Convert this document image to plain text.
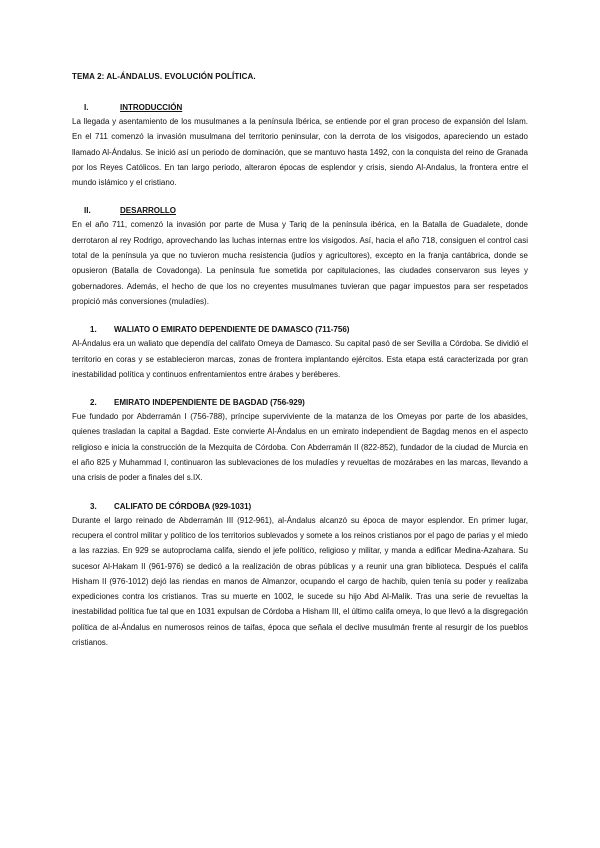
TEMA 2: AL-ÁNDALUS. EVOLUCIÓN POLÍTICA.
I.	INTRODUCCIÓN
La llegada y asentamiento de los musulmanes a la península Ibérica, se entiende por el gran proceso de expansión del Islam. En el 711 comenzó la invasión musulmana del territorio peninsular, con la derrota de los visigodos, apareciendo un estado llamado Al-Ándalus. Se inició así un periodo de dominación, que se mantuvo hasta 1492, con la conquista del reino de Granada por los Reyes Católicos. En tan largo periodo, alteraron épocas de esplendor y crisis, siendo Al-Andalus, la frontera entre el mundo islámico y el cristiano.
II.	DESARROLLO
En el año 711, comenzó la invasión por parte de Musa y Tariq de la península ibérica, en la Batalla de Guadalete, donde derrotaron al rey Rodrigo, aprovechando las luchas internas entre los visigodos. Así, hacia el año 718, consiguen el control casi total de la península ya que no tuvieron mucha resistencia (judíos y agricultores), excepto en la franja cantábrica, donde se opusieron (Batalla de Covadonga). La península fue sometida por capitulaciones, las ciudades conservaron sus leyes y gobernadores. Además, el hecho de que los no creyentes musulmanes tuvieran que pagar impuestos para ser respetados propició más conversiones (muladíes).
1. WALIATO O EMIRATO DEPENDIENTE DE DAMASCO (711-756)
Al-Ándalus era un waliato que dependía del califato Omeya de Damasco. Su capital pasó de ser Sevilla a Córdoba. Se dividió el territorio en coras y se establecieron marcas, zonas de frontera implantando ejércitos. Esta etapa está caracterizada por gran inestabilidad política y continuos enfrentamientos entre árabes y beréberes.
2. EMIRATO INDEPENDIENTE DE BAGDAD (756-929)
Fue fundado por Abderramán I (756-788), príncipe superviviente de la matanza de los Omeyas por parte de los abasides, quienes trasladan la capital a Bagdad. Este convierte Al-Ándalus en un emirato independient de Bagdag menos en el aspecto religioso e inicia la construcción de la Mezquita de Córdoba. Con Abderramán II (822-852), fundador de la ciudad de Murcia en el año 825 y Muhammad I, continuaron las sublevaciones de los muladíes y revueltas de mozárabes en las marcas, llevando a una crisis de poder a finales del s.IX.
3. CALIFATO DE CÓRDOBA (929-1031)
Durante el largo reinado de Abderramán III (912-961), al-Ándalus alcanzó su época de mayor esplendor. En primer lugar, recupera el control militar y político de los territorios sublevados y somete a los reinos cristianos por el pago de parias y el miedo a las razzias. En 929 se autoproclama califa, siendo el jefe político, religioso y militar, y manda a edificar Medina-Azahara. Su sucesor Al-Hakam II (961-976) se dedicó a la realización de obras públicas y a reunir una gran biblioteca. Después el califa Hisham II (976-1012) dejó las riendas en manos de Almanzor, ocupando el cargo de hachib, quien tenía su poder y realizaba expediciones contra los cristianos. Tras su muerte en 1002, le sucede su hijo Abd Al-Malik. Tras una serie de revueltas la inestabilidad política fue tal que en 1031 expulsan de Córdoba a Hisham III, el último califa omeya, lo que llevó a la disgregación política de al-Ándalus en numerosos reinos de taifas, época que señala el declive musulmán frente al resurgir de los pueblos cristianos.
